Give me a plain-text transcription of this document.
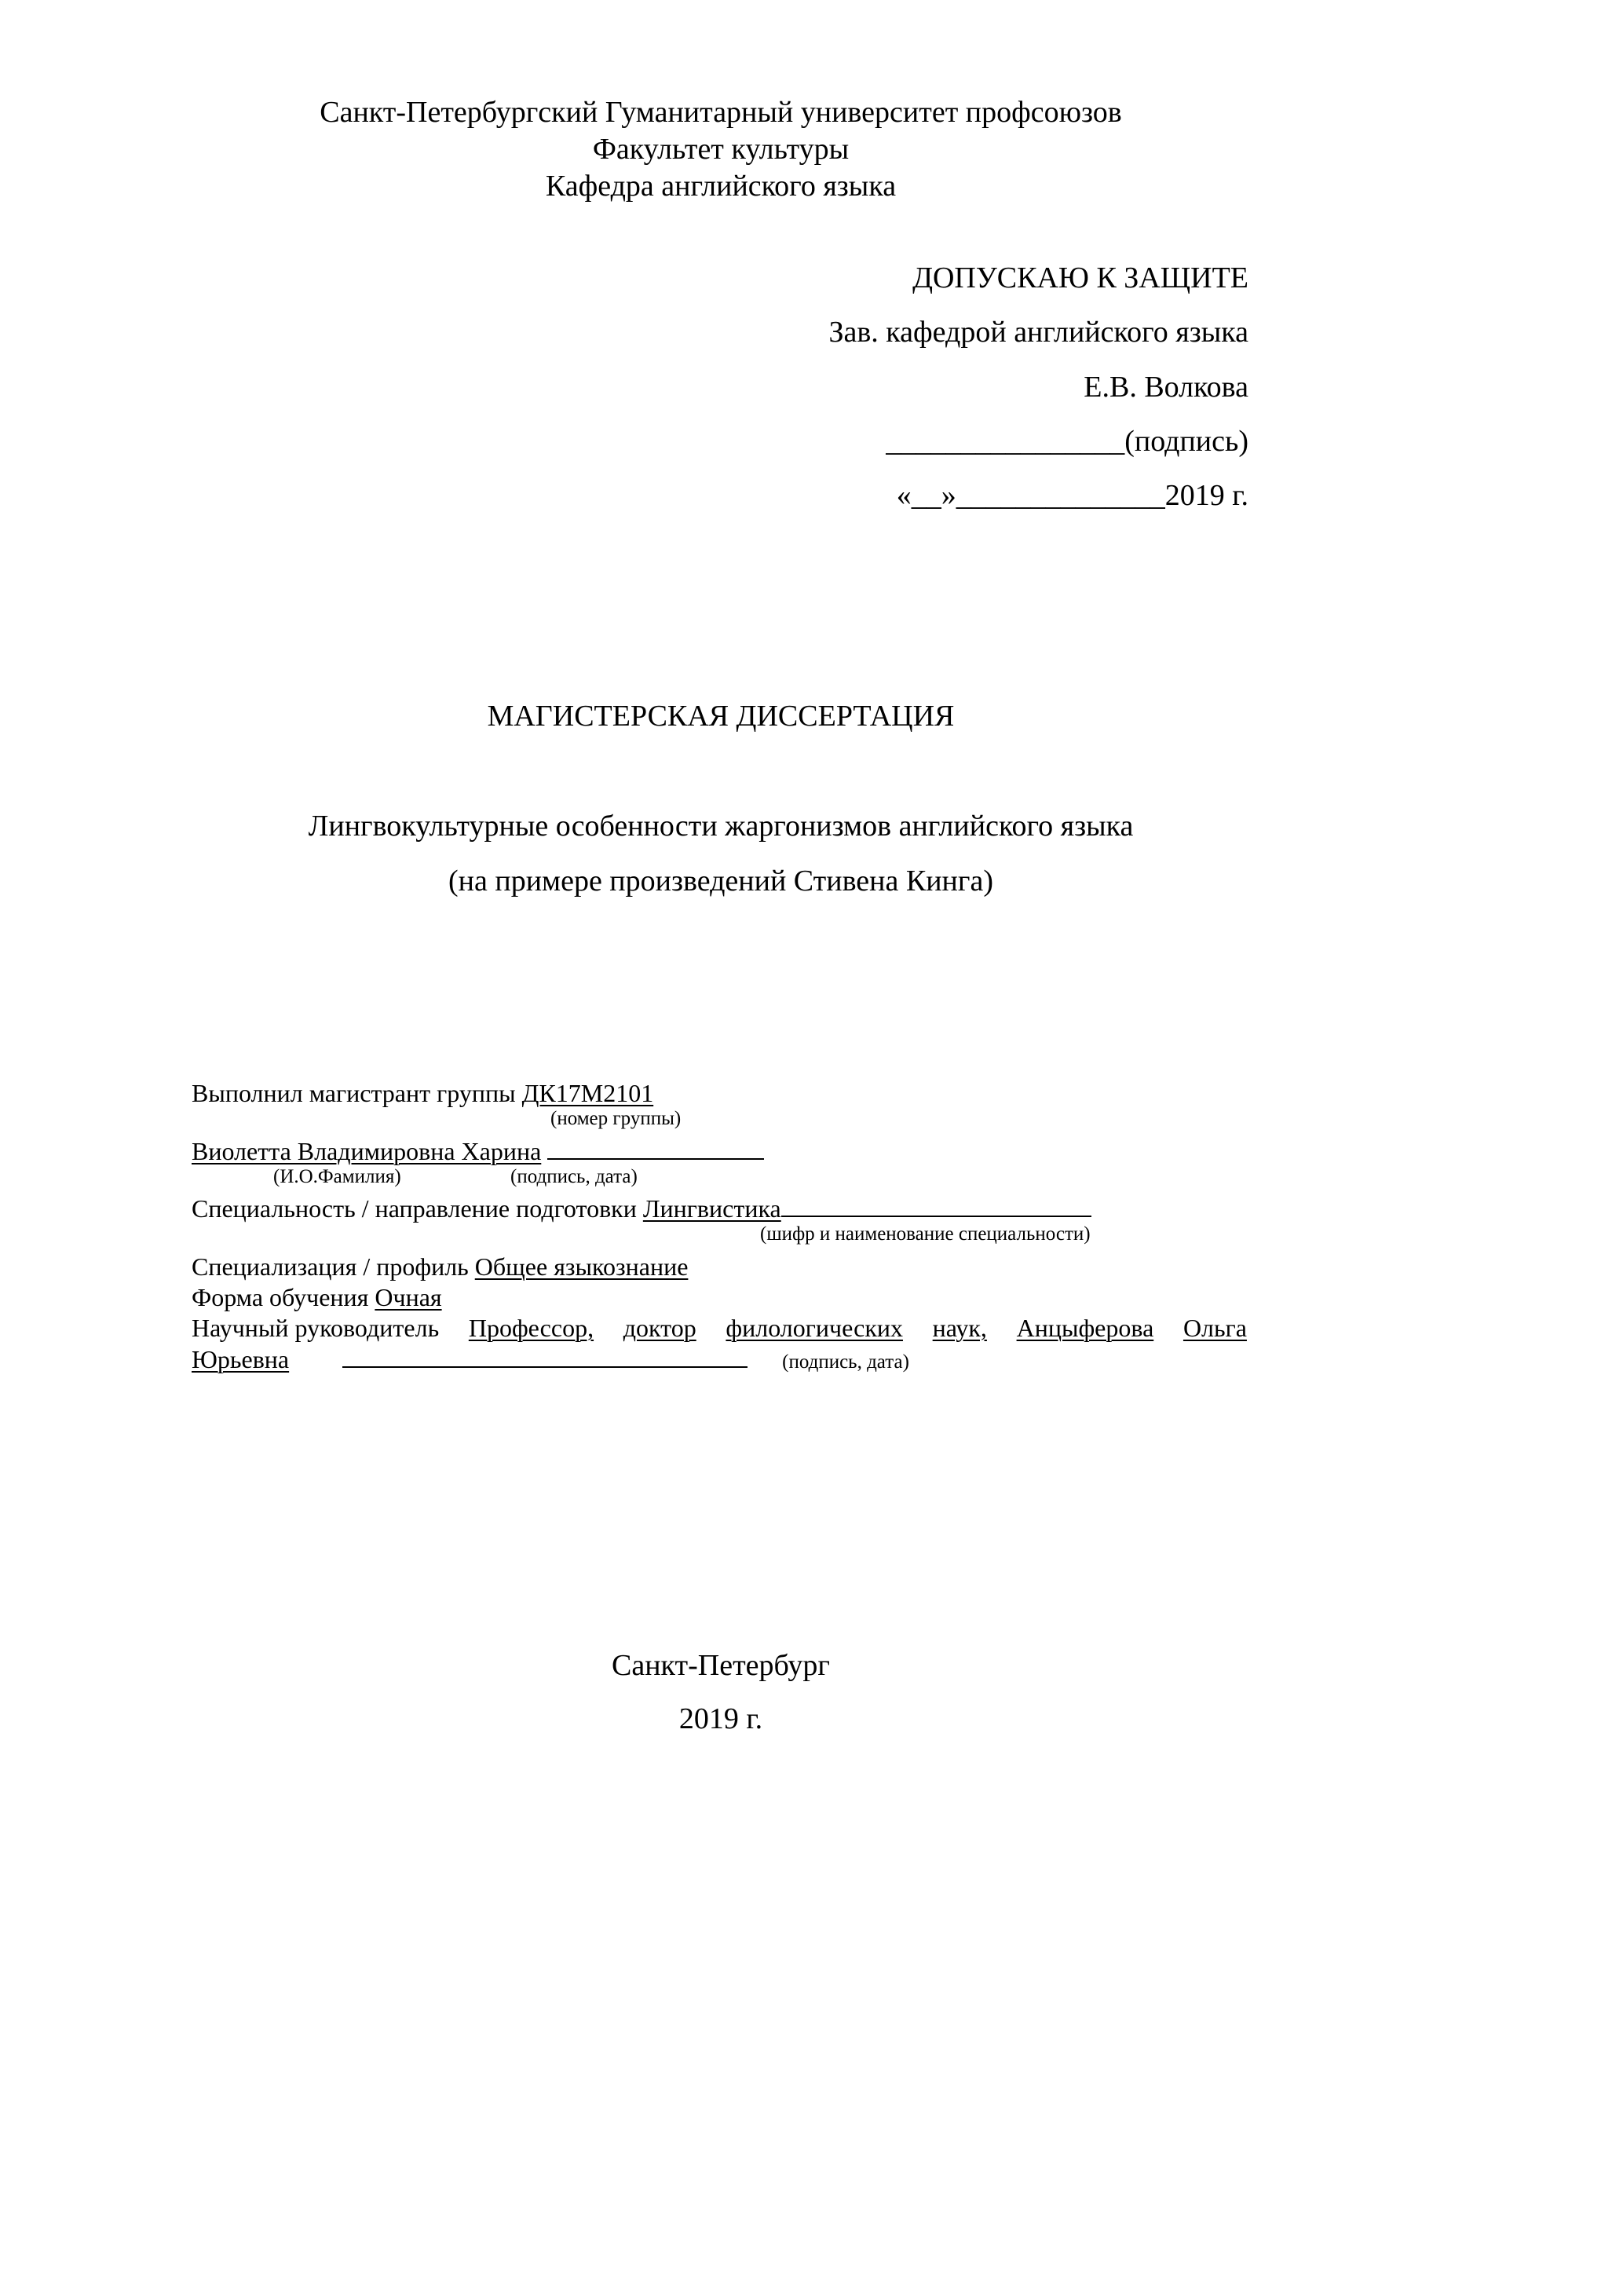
Санкт-Петербургский Гуманитарный университет профсоюзов
Факультет культуры
Кафедра английского языка
ДОПУСКАЮ К ЗАЩИТЕ
Зав. кафедрой английского языка
Е.В. Волкова
________________(подпись)
«__»______________2019 г.
МАГИСТЕРСКАЯ ДИССЕРТАЦИЯ
Лингвокультурные особенности жаргонизмов английского языка
(на примере произведений Стивена Кинга)
Выполнил магистрант группы ДК17М2101
(номер группы)
Виолетта Владимировна Харина
(И.О.Фамилия)	(подпись, дата)
Специальность / направление подготовки Лингвистика
(шифр и наименование специальности)
Специализация / профиль Общее языкознание
Форма обучения Очная
Научный руководитель Профессор, доктор филологических наук, Анцыферова Ольга
Юрьевна	(подпись, дата)
Санкт-Петербург
2019 г.
